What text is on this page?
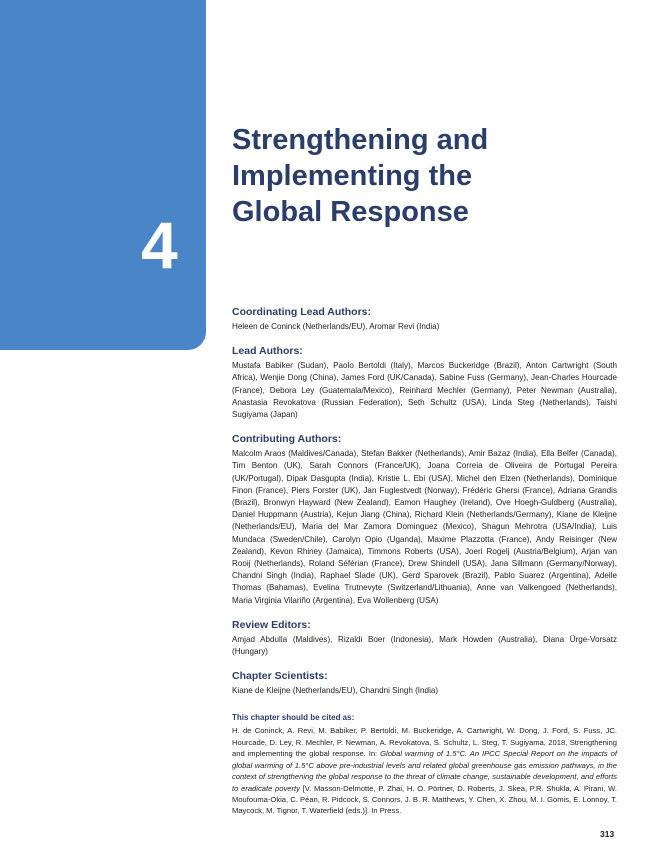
4
Strengthening and
Implementing the
Global Response

Coordinating Lead Authors:

Heleen de Coninck (Netherlands/EU), Aromar Revi (India)

Lead Authors:

Mustafa Babiker (Sudan), Paolo Bertoldi (Italy), Marcos Buckeridge (Brazil), Anton Cartwright (South Africa), Wenjie Dong (China), James Ford (UK/Canada), Sabine Fuss (Germany), Jean-Charles Hourcade (France), Debora Ley (Guatemala/Mexico), Reinhard Mechler (Germany), Peter Newman (Australia), Anastasia Revokatova (Russian Federation), Seth Schultz (USA), Linda Steg (Netherlands), Taishi Sugiyama (Japan)

Contributing Authors:

Malcolm Araos (Maldives/Canada), Stefan Bakker (Netherlands), Amir Bazaz (India), Ella Belfer (Canada), Tim Benton (UK), Sarah Connors (France/UK), Joana Correia de Oliveira de Portugal Pereira (UK/Portugal), Dipak Dasgupta (India), Kristie L. Ebi (USA), Michel den Elzen (Netherlands), Dominique Finon (France), Piers Forster (UK), Jan Fuglestvedt (Norway), Frédéric Ghersi (France), Adriana Grandis (Brazil), Bronwyn Hayward (New Zealand), Eamon Haughey (Ireland), Ove Hoegh-Guldberg (Australia), Daniel Huppmann (Austria), Kejun Jiang (China), Richard Klein (Netherlands/Germany), Kiane de Kleijne (Netherlands/EU), Maria del Mar Zamora Dominguez (Mexico), Shagun Mehrotra (USA/India), Luis Mundaca (Sweden/Chile), Carolyn Opio (Uganda), Maxime Plazzotta (France), Andy Reisinger (New Zealand), Kevon Rhiney (Jamaica), Timmons Roberts (USA), Joeri Rogelj (Austria/Belgium), Arjan van Rooij (Netherlands), Roland Séférian (France), Drew Shindell (USA), Jana Sillmann (Germany/Norway), Chandni Singh (India), Raphael Slade (UK), Gerd Sparovek (Brazil), Pablo Suarez (Argentina), Adelle Thomas (Bahamas), Evelina Trutnevyte (Switzerland/Lithuania), Anne van Valkengoed (Netherlands), Maria Virginia Vilariño (Argentina), Eva Wollenberg (USA)

Review Editors:

Amjad Abdulla (Maldives), Rizaldi Boer (Indonesia), Mark Howden (Australia), Diana Ürge-Vorsatz (Hungary)

Chapter Scientists:

Kiane de Kleijne (Netherlands/EU), Chandni Singh (India)

This chapter should be cited as:

H. de Coninck, A. Revi, M. Babiker, P. Bertoldi, M. Buckeridge, A. Cartwright, W. Dong, J. Ford, S. Fuss, JC. Hourcade, D. Ley, R. Mechler, P. Newman, A. Revokatova, S. Schultz, L. Steg, T. Sugiyama, 2018, Strengthening and implementing the global response. In: Global warming of 1.5°C. An IPCC Special Report on the impacts of global warming of 1.5°C above pre-industrial levels and related global greenhouse gas emission pathways, in the context of strengthening the global response to the threat of climate change, sustainable development, and efforts to eradicate poverty [V. Masson-Delmotte, P. Zhai, H. O. Pörtner, D. Roberts, J. Skea, P.R. Shukla, A. Pirani, W. Moufouma-Okia, C. Péan, R. Pidcock, S. Connors, J. B. R. Matthews, Y. Chen, X. Zhou, M. I. Gomis, E. Lonnoy, T. Maycock, M. Tignor, T. Waterfield (eds.)]. In Press.

313
